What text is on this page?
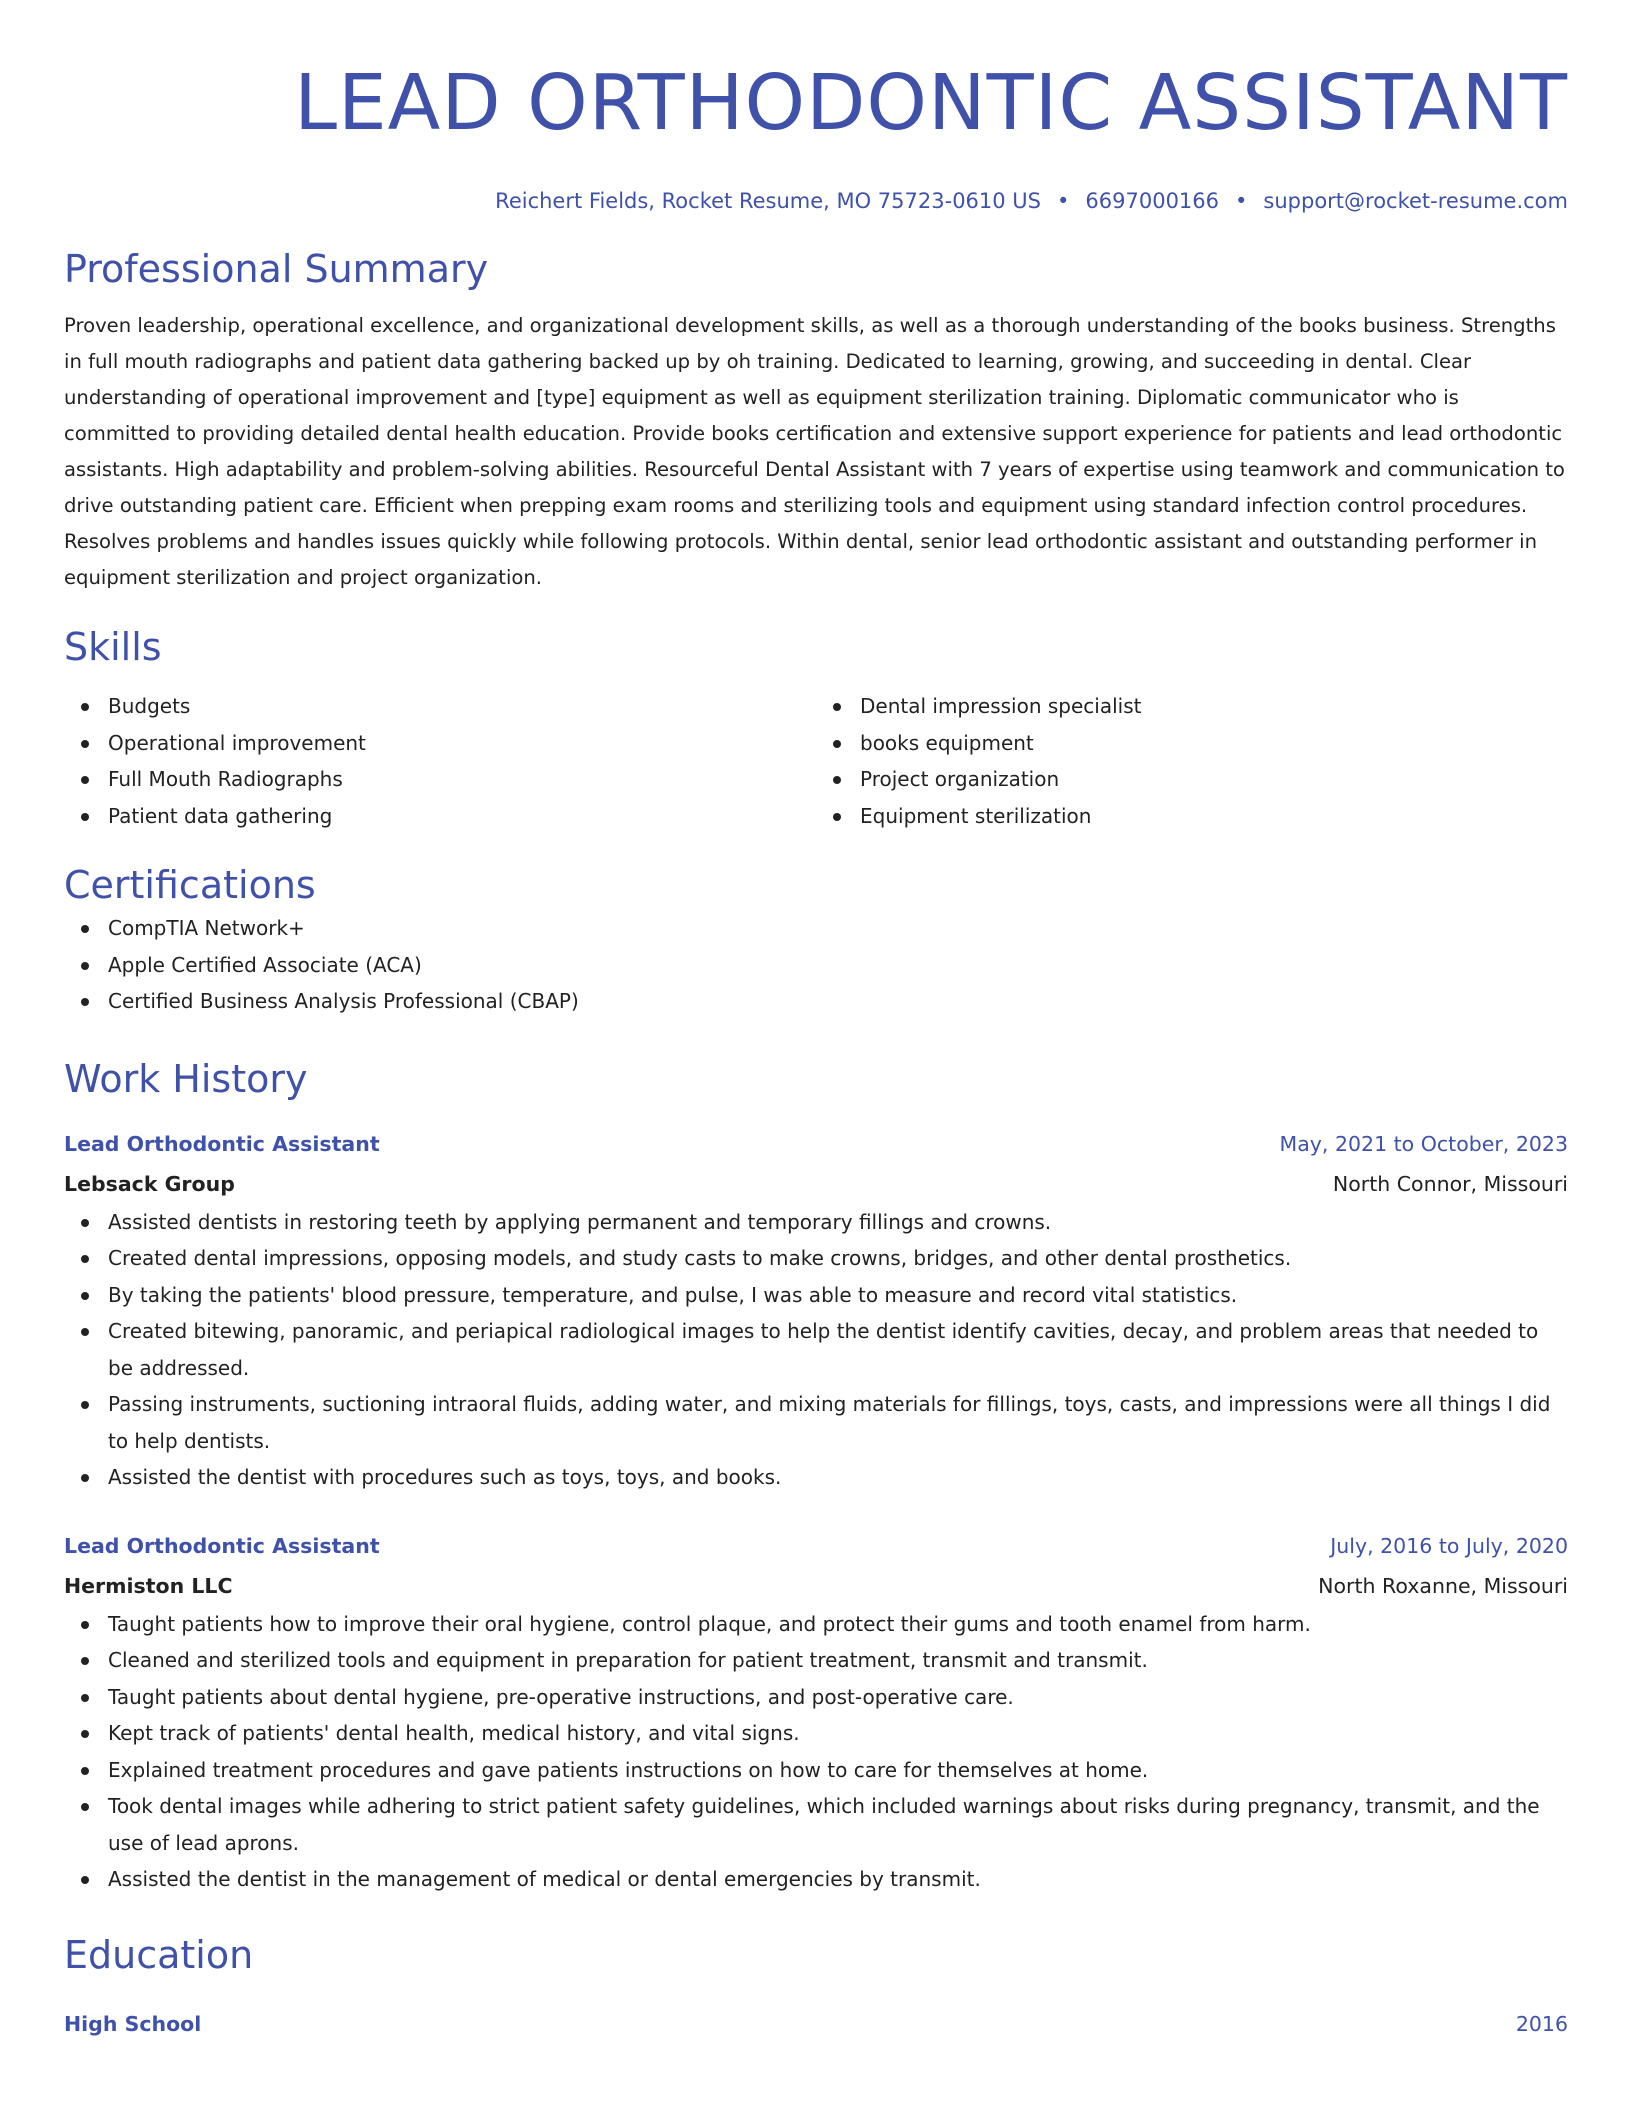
LEAD ORTHODONTIC ASSISTANT
Reichert Fields, Rocket Resume, MO 75723-0610 US • 6697000166 • support@rocket-resume.com
Professional Summary

Proven leadership, operational excellence, and organizational development skills, as well as a thorough understanding of the books business. Strengths in full mouth radiographs and patient data gathering backed up by oh training. Dedicated to learning, growing, and succeeding in dental. Clear understanding of operational improvement and [type] equipment as well as equipment sterilization training. Diplomatic communicator who is committed to providing detailed dental health education. Provide books certification and extensive support experience for patients and lead orthodontic assistants. High adaptability and problem-solving abilities. Resourceful Dental Assistant with 7 years of expertise using teamwork and communication to drive outstanding patient care. Efficient when prepping exam rooms and sterilizing tools and equipment using standard infection control procedures. Resolves problems and handles issues quickly while following protocols. Within dental, senior lead orthodontic assistant and outstanding performer in equipment sterilization and project organization.

Skills
Budgets
Operational improvement
Full Mouth Radiographs
Patient data gathering
Dental impression specialist
books equipment
Project organization
Equipment sterilization
Certifications
CompTIA Network+
Apple Certified Associate (ACA)
Certified Business Analysis Professional (CBAP)
Work History
Lead Orthodontic Assistant	May, 2021 to October, 2023
Lebsack Group	North Connor, Missouri
Assisted dentists in restoring teeth by applying permanent and temporary fillings and crowns.
Created dental impressions, opposing models, and study casts to make crowns, bridges, and other dental prosthetics.
By taking the patients' blood pressure, temperature, and pulse, I was able to measure and record vital statistics.
Created bitewing, panoramic, and periapical radiological images to help the dentist identify cavities, decay, and problem areas that needed to be addressed.
Passing instruments, suctioning intraoral fluids, adding water, and mixing materials for fillings, toys, casts, and impressions were all things I did to help dentists.
Assisted the dentist with procedures such as toys, toys, and books.
Lead Orthodontic Assistant	July, 2016 to July, 2020
Hermiston LLC	North Roxanne, Missouri
Taught patients how to improve their oral hygiene, control plaque, and protect their gums and tooth enamel from harm.
Cleaned and sterilized tools and equipment in preparation for patient treatment, transmit and transmit.
Taught patients about dental hygiene, pre-operative instructions, and post-operative care.
Kept track of patients' dental health, medical history, and vital signs.
Explained treatment procedures and gave patients instructions on how to care for themselves at home.
Took dental images while adhering to strict patient safety guidelines, which included warnings about risks during pregnancy, transmit, and the use of lead aprons.
Assisted the dentist in the management of medical or dental emergencies by transmit.
Education
High School	2016
